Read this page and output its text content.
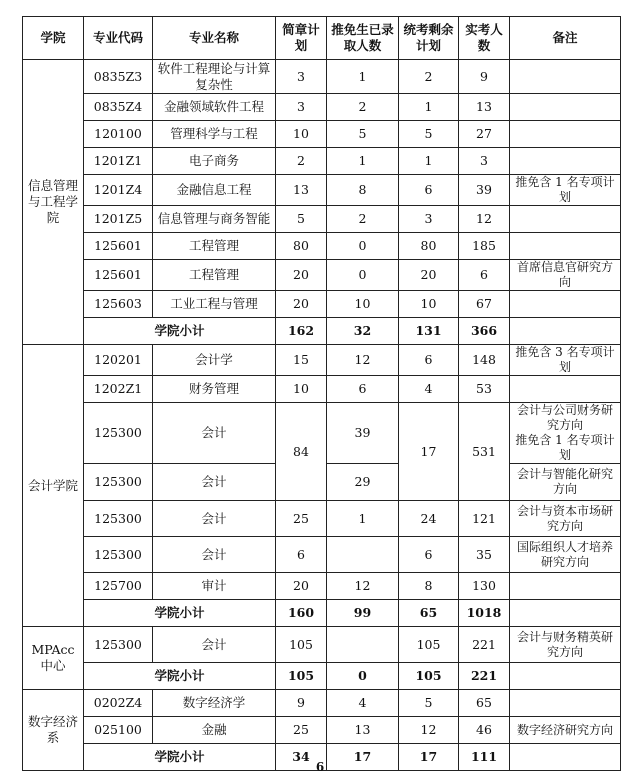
学院	专业代码	专业名称	简章计划	推免生已录取人数	统考剩余计划	实考人数	备注
信息管理与工程学院	0835Z3	软件工程理论与计算复杂性	3	1	2	9	
	0835Z4	金融领域软件工程	3	2	1	13	
	120100	管理科学与工程	10	5	5	27	
	1201Z1	电子商务	2	1	1	3	
	1201Z4	金融信息工程	13	8	6	39	推免含 1 名专项计划
	1201Z5	信息管理与商务智能	5	2	3	12	
	125601	工程管理	80	0	80	185	
	125601	工程管理	20	0	20	6	首席信息官研究方向
	125603	工业工程与管理	20	10	10	67	
	学院小计		162	32	131	366	
会计学院	120201	会计学	15	12	6	148	推免含 3 名专项计划
	1202Z1	财务管理	10	6	4	53	
	125300	会计	84	39	17	531	会计与公司财务研究方向
推免含 1 名专项计划

	125300	会计		29			会计与智能化研究方向
	125300	会计	25	1	24	121	会计与资本市场研究方向
	125300	会计	6		6	35	国际组织人才培养研究方向
	125700	审计	20	12	8	130	
	学院小计		160	99	65	1018	
MPAcc 中心	125300	会计	105		105	221	会计与财务精英研究方向
	学院小计		105	0	105	221	
数字经济系	0202Z4	数字经济学	9	4	5	65	
	025100	金融	25	13	12	46	数字经济研究方向
	学院小计		34	17	17	111	
6
